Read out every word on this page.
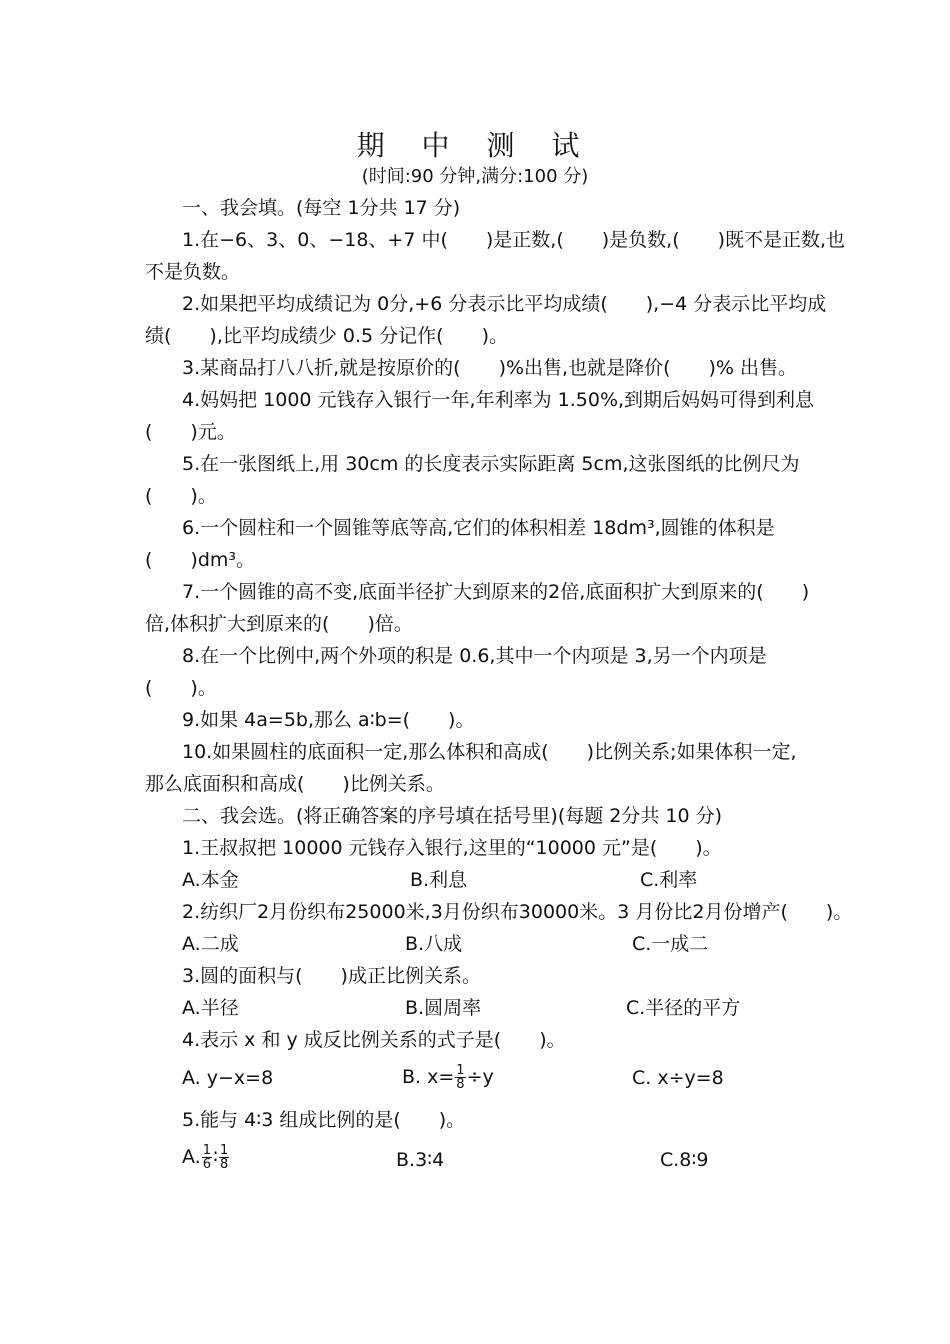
期 中 测 试
(时间:90 分钟,满分:100 分)
一、我会填。(每空 1分共 17 分)
1.在−6、3、0、−18、+7 中(　　)是正数,(　　)是负数,(　　)既不是正数,也
不是负数。
2.如果把平均成绩记为 0分,+6 分表示比平均成绩(　　),−4 分表示比平均成
绩(　　),比平均成绩少 0.5 分记作(　　)。
3.某商品打八八折,就是按原价的(　　)%出售,也就是降价(　　)% 出售。
4.妈妈把 1000 元钱存入银行一年,年利率为 1.50%,到期后妈妈可得到利息
(　　)元。
5.在一张图纸上,用 30cm 的长度表示实际距离 5cm,这张图纸的比例尺为
(　　)。
6.一个圆柱和一个圆锥等底等高,它们的体积相差 18dm³,圆锥的体积是
(　　)dm³。
7.一个圆锥的高不变,底面半径扩大到原来的2倍,底面积扩大到原来的(　　)
倍,体积扩大到原来的(　　)倍。
8.在一个比例中,两个外项的积是 0.6,其中一个内项是 3,另一个内项是
(　　)。
9.如果 4a=5b,那么 a∶b=(　　)。
10.如果圆柱的底面积一定,那么体积和高成(　　)比例关系;如果体积一定,
那么底面积和高成(　　)比例关系。
二、我会选。(将正确答案的序号填在括号里)(每题 2分共 10 分)
1.王叔叔把 10000 元钱存入银行,这里的“10000 元”是(　　)。
A.本金	B.利息	C.利率
2.纺织厂2月份织布25000米,3月份织布30000米。3 月份比2月份增产(　　)。
A.二成	B.八成	C.一成二
3.圆的面积与(　　)成正比例关系。
A.半径	B.圆周率	C.半径的平方
4.表示 x 和 y 成反比例关系的式子是(　　)。
A. y−x=8	B. $x= \frac{1}{8} \div y$	C. x÷y=8
5.能与 4∶3 组成比例的是(　　)。
A. $\frac{1}{6}$ ∶ $\frac{1}{8}$	B.3∶4	C.8∶9
